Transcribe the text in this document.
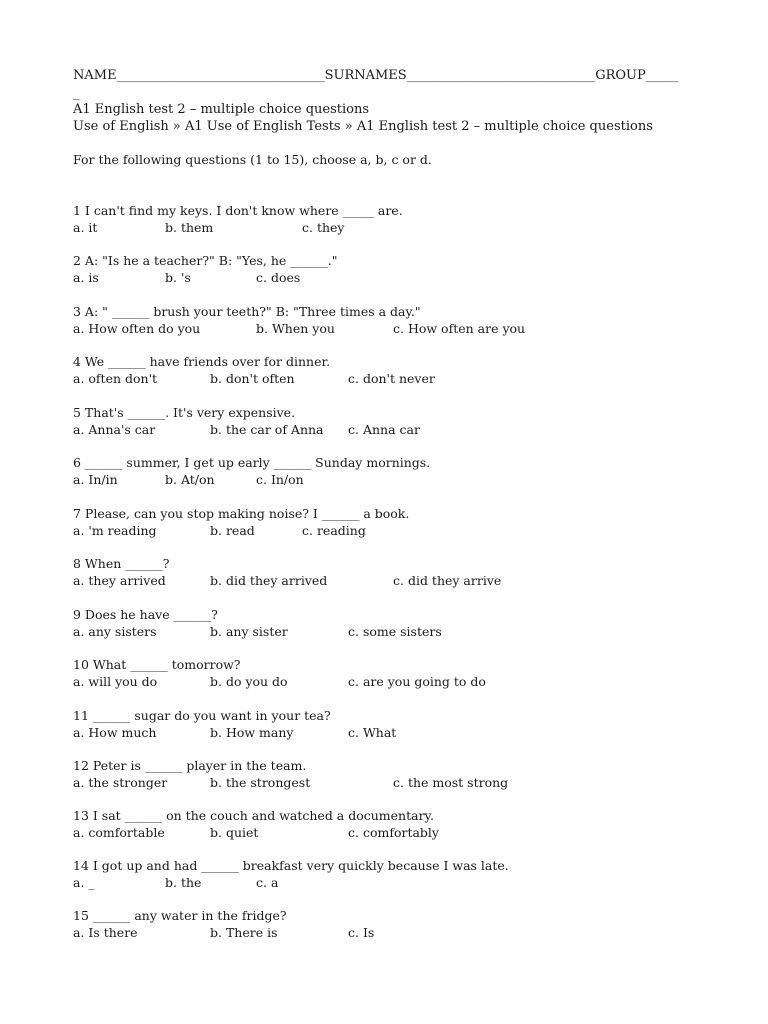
NAME________________________________SURNAMES_____________________________GROUP_____
_
A1 English test 2 – multiple choice questions
Use of English » A1 Use of English Tests » A1 English test 2 – multiple choice questions
For the following questions (1 to 15), choose a, b, c or d.
1 I can't find my keys. I don't know where _____ are.
a. it	b. them	c. they
2 A: "Is he a teacher?" B: "Yes, he ______."
a. is	b. 's	c. does
3 A: " ______ brush your teeth?" B: "Three times a day."
a. How often do you	b. When you	c. How often are you
4 We ______ have friends over for dinner.
a. often don't	b. don't often	c. don't never
5 That's ______. It's very expensive.
a. Anna's car	b. the car of Anna c. Anna car
6 ______ summer, I get up early ______ Sunday mornings.
a. In/in	b. At/on	c. In/on
7 Please, can you stop making noise? I ______ a book.
a. 'm reading	b. read	c. reading
8 When ______?
a. they arrived	b. did they arrived	c. did they arrive
9 Does he have ______?
a. any sisters	b. any sister	c. some sisters
10 What ______ tomorrow?
a. will you do	b. do you do	c. are you going to do
11 ______ sugar do you want in your tea?
a. How much	b. How many	c. What
12 Peter is ______ player in the team.
a. the stronger	b. the strongest	c. the most strong
13 I sat ______ on the couch and watched a documentary.
a. comfortable	b. quiet	c. comfortably
14 I got up and had ______ breakfast very quickly because I was late.
a. _	b. the	c. a
15 ______ any water in the fridge?
a. Is there	b. There is	c. Is
